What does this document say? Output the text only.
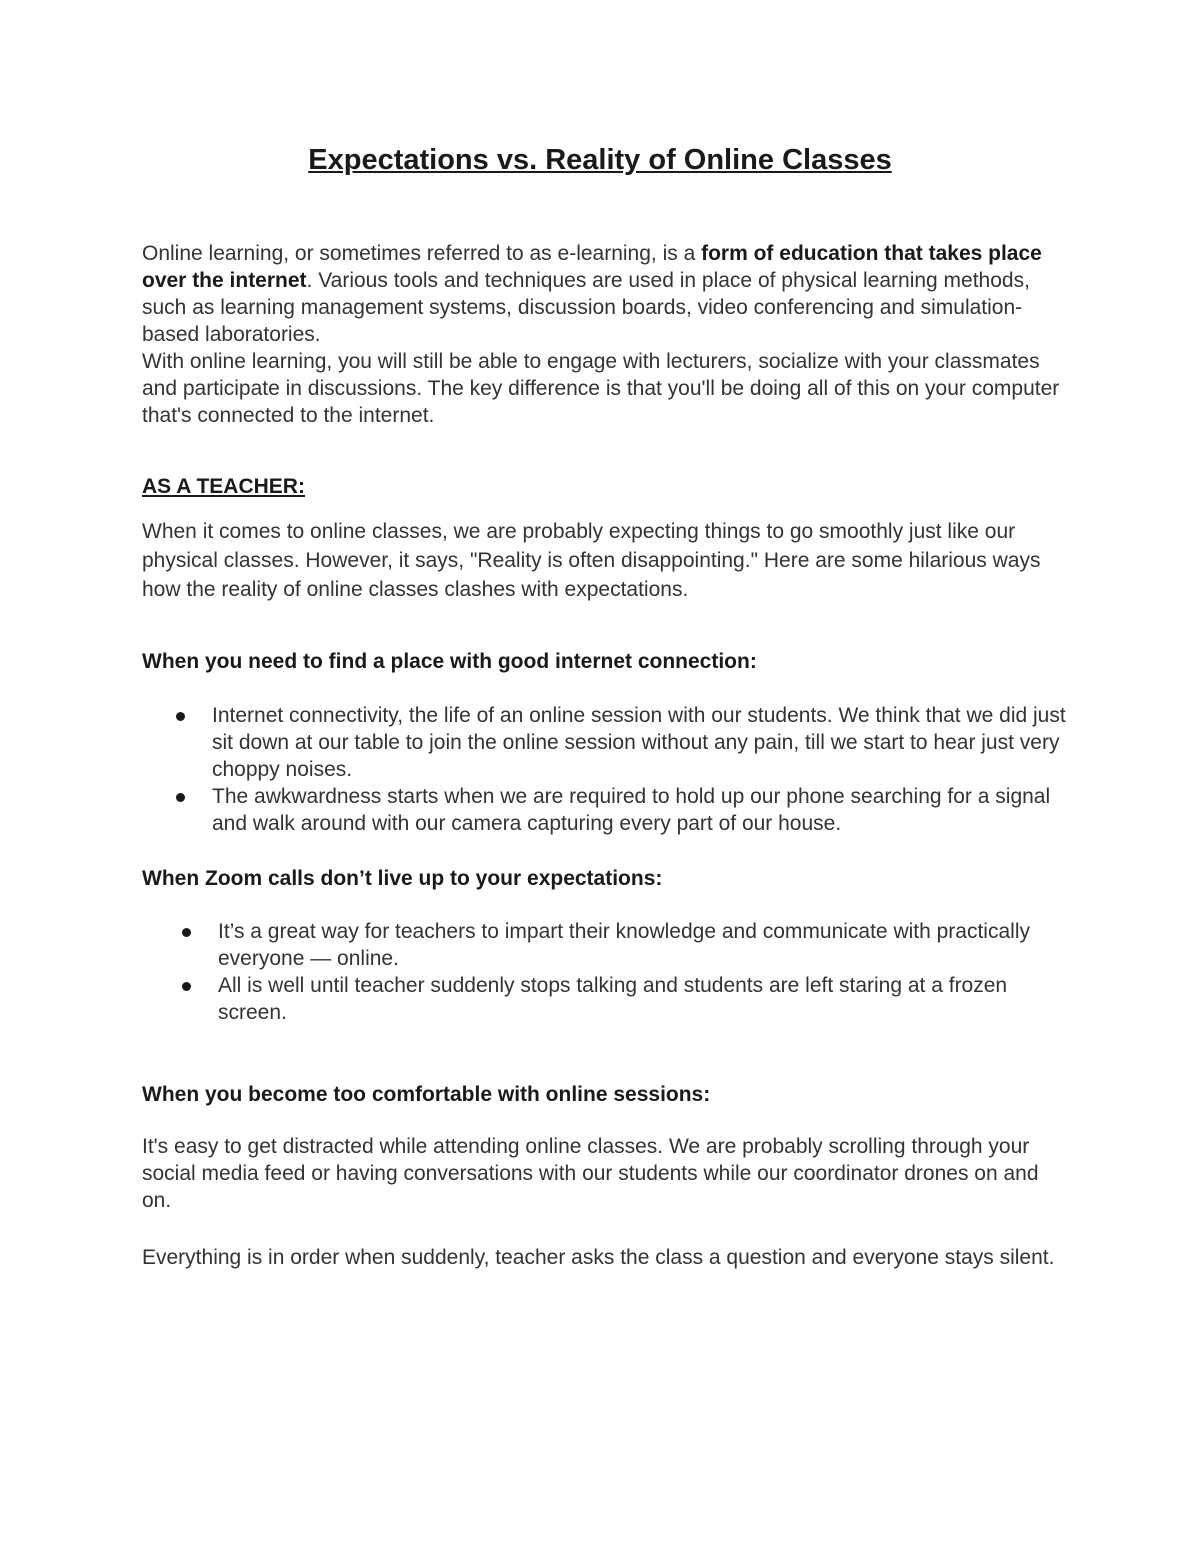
Expectations vs. Reality of Online Classes

Online learning, or sometimes referred to as e-learning, is a form of education that takes place over the internet. Various tools and techniques are used in place of physical learning methods, such as learning management systems, discussion boards, video conferencing and simulation-based laboratories.

With online learning, you will still be able to engage with lecturers, socialize with your classmates and participate in discussions. The key difference is that you'll be doing all of this on your computer that's connected to the internet.

AS A TEACHER:

When it comes to online classes, we are probably expecting things to go smoothly just like our physical classes. However, it says, "Reality is often disappointing." Here are some hilarious ways how the reality of online classes clashes with expectations.

When you need to find a place with good internet connection:

Internet connectivity, the life of an online session with our students. We think that we did just sit down at our table to join the online session without any pain, till we start to hear just very choppy noises.
The awkwardness starts when we are required to hold up our phone searching for a signal and walk around with our camera capturing every part of our house.

When Zoom calls don’t live up to your expectations:

It’s a great way for teachers to impart their knowledge and communicate with practically everyone — online.
All is well until teacher suddenly stops talking and students are left staring at a frozen screen.

When you become too comfortable with online sessions:

It's easy to get distracted while attending online classes. We are probably scrolling through your social media feed or having conversations with our students while our coordinator drones on and on.

Everything is in order when suddenly, teacher asks the class a question and everyone stays silent.
